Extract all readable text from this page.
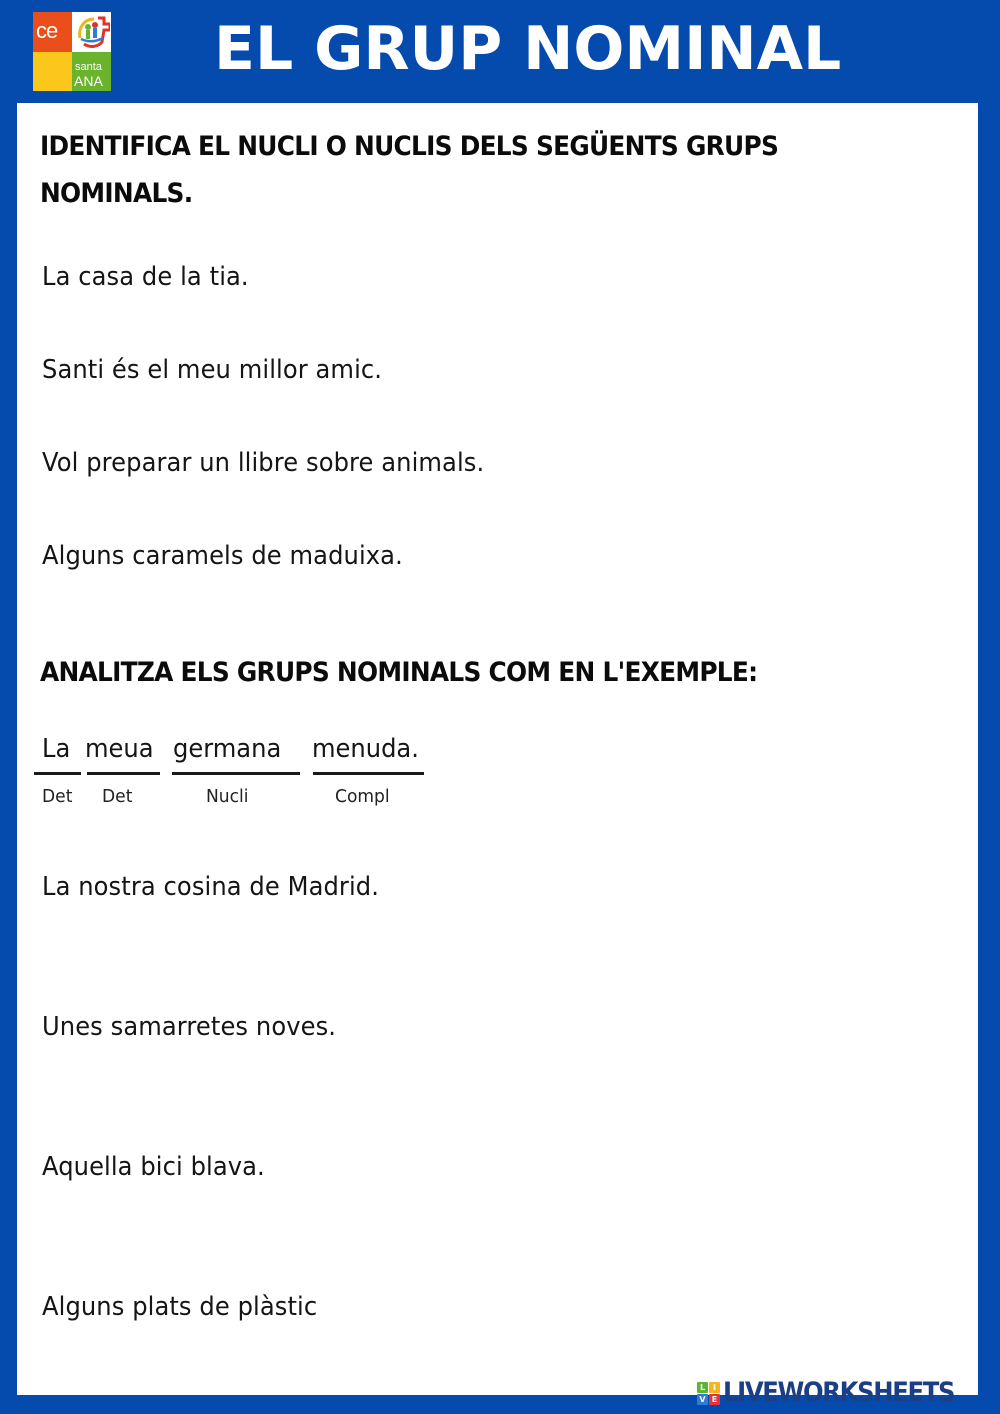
ce
santa
ANA EL GRUP NOMINAL
IDENTIFICA EL NUCLI O NUCLIS DELS SEGÜENTS GRUPS
NOMINALS.
La casa de la tia.
Santi és el meu millor amic.
Vol preparar un llibre sobre animals.
Alguns caramels de maduixa.
ANALITZA ELS GRUPS NOMINALS COM EN L'EXEMPLE:
La meua germana menuda.
Det Det	Nucli	Compl
La nostra cosina de Madrid.
Unes samarretes noves.
Aquella bici blava.
Alguns plats de plàstic
L I
V E LIVEWORKSHEETS
